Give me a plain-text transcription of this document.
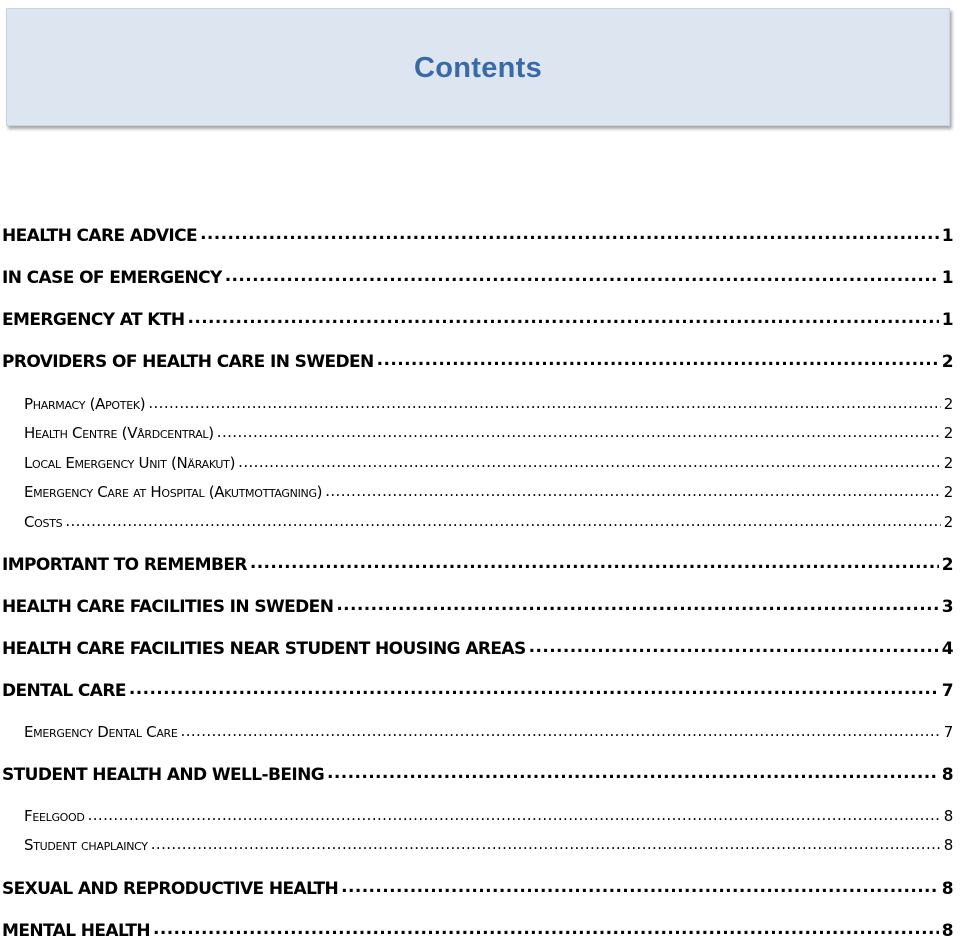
Contents
HEALTH CARE ADVICE .....	1
IN CASE OF EMERGENCY .....	1
EMERGENCY AT KTH .....	1
PROVIDERS OF HEALTH CARE IN SWEDEN .....	2
Pharmacy (Apotek) .....	2
Health Centre (Vårdcentral) .....	2
Local Emergency Unit (Närakut) .....	2
Emergency Care at Hospital (Akutmottagning) .....	2
Costs .....	2
IMPORTANT TO REMEMBER .....	2
HEALTH CARE FACILITIES IN SWEDEN .....	3
HEALTH CARE FACILITIES NEAR STUDENT HOUSING AREAS .....	4
DENTAL CARE .....	7
Emergency Dental Care .....	7
STUDENT HEALTH AND WELL-BEING .....	8
Feelgood .....	8
Student chaplaincy .....	8
SEXUAL AND REPRODUCTIVE HEALTH .....	8
MENTAL HEALTH .....	8
